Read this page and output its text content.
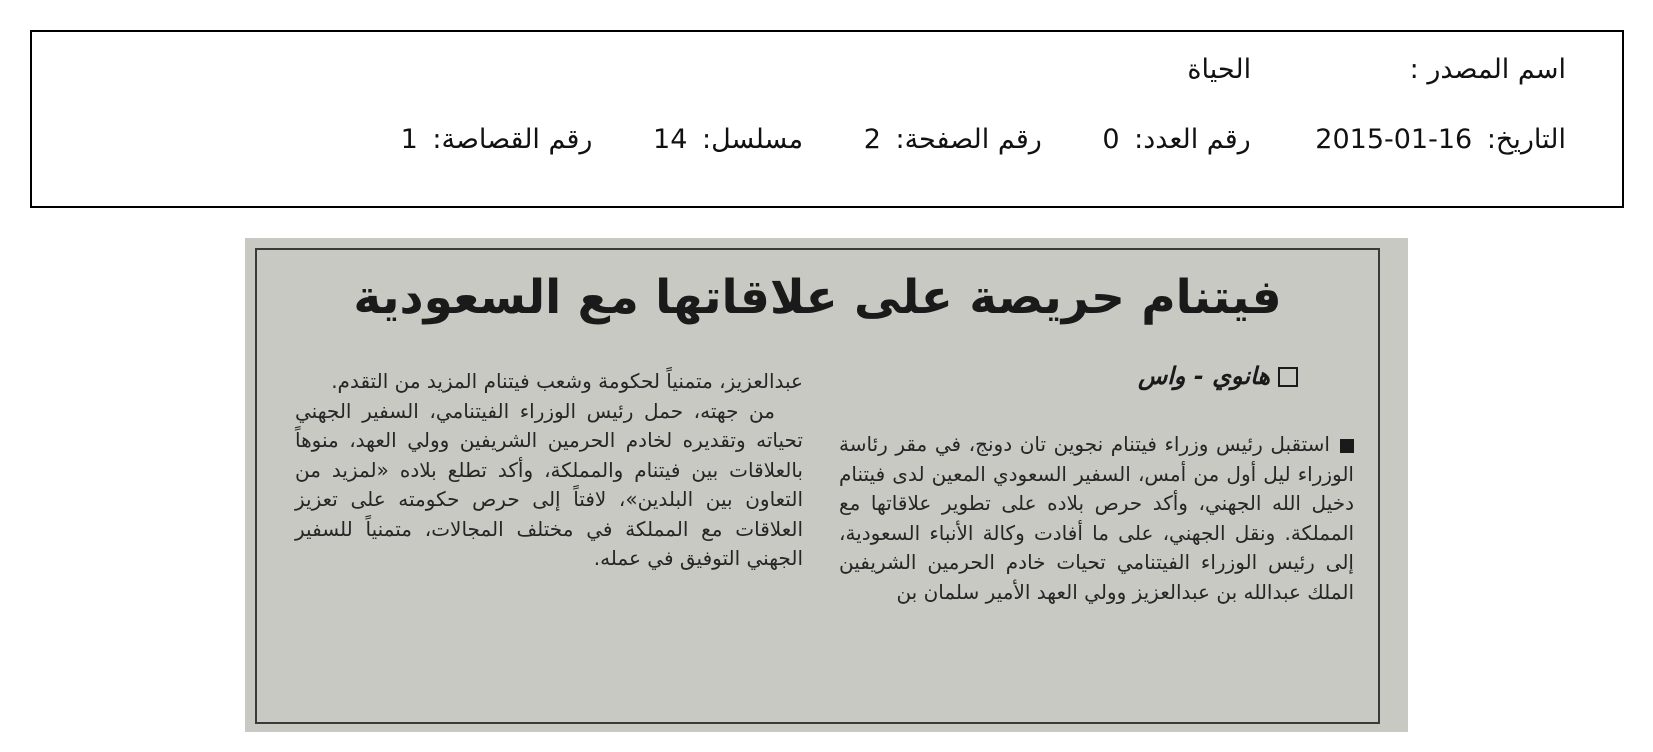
اسم المصدر : الحياة
التاريخ: 2015-01-16 رقم العدد: 0 رقم الصفحة: 2 مسلسل: 14 رقم القصاصة: 1
فيتنام حريصة على علاقاتها مع السعودية
هانوي - واس
استقبل رئيس وزراء فيتنام نجوين تان دونج، في مقر رئاسة الوزراء ليل أول من أمس، السفير السعودي المعين لدى فيتنام دخيل الله الجهني، وأكد حرص بلاده على تطوير علاقاتها مع المملكة. ونقل الجهني، على ما أفادت وكالة الأنباء السعودية، إلى رئيس الوزراء الفيتنامي تحيات خادم الحرمين الشريفين الملك عبدالله بن عبدالعزيز وولي العهد الأمير سلمان بن
عبدالعزيز، متمنياً لحكومة وشعب فيتنام المزيد من التقدم.
من جهته، حمل رئيس الوزراء الفيتنامي، السفير الجهني تحياته وتقديره لخادم الحرمين الشريفين وولي العهد، منوهاً بالعلاقات بين فيتنام والمملكة، وأكد تطلع بلاده «لمزيد من التعاون بين البلدين»، لافتاً إلى حرص حكومته على تعزيز العلاقات مع المملكة في مختلف المجالات، متمنياً للسفير الجهني التوفيق في عمله.
